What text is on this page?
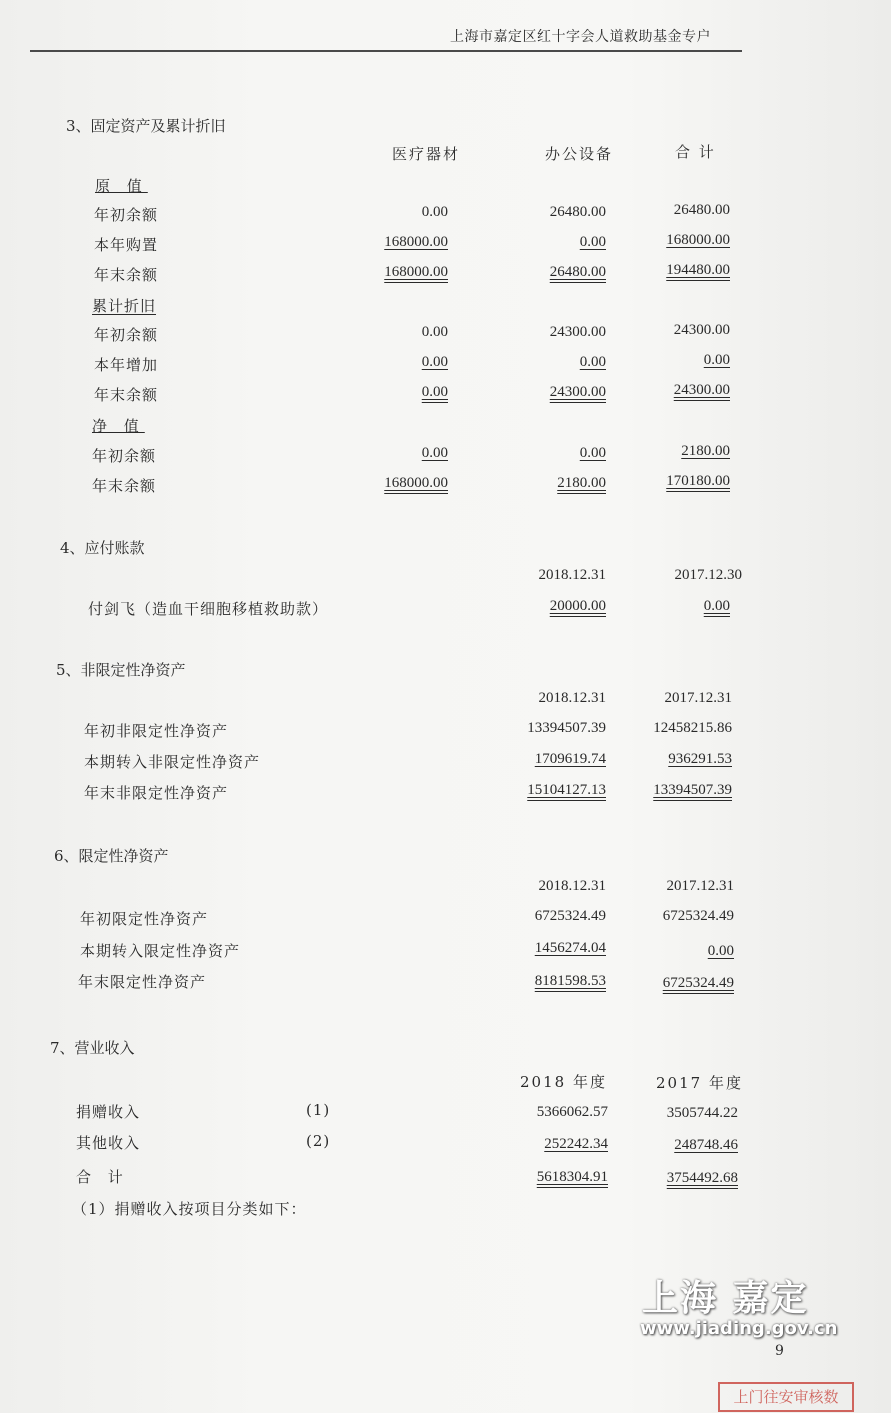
上海市嘉定区红十字会人道救助基金专户
3、固定资产及累计折旧
医疗器材	办公设备	合 计
原 值
年初余额	0.00	26480.00	26480.00
本年购置	168000.00	0.00	168000.00
年末余额	168000.00	26480.00	194480.00
累计折旧
年初余额	0.00	24300.00	24300.00
本年增加	0.00	0.00	0.00
年末余额	0.00	24300.00	24300.00
净 值
年初余额	0.00	0.00	2180.00
年末余额	168000.00	2180.00	170180.00
4、应付账款
2018.12.31	2017.12.30
付剑飞（造血干细胞移植救助款）	20000.00	0.00
5、非限定性净资产
2018.12.31	2017.12.31
年初非限定性净资产	13394507.39	12458215.86
本期转入非限定性净资产	1709619.74	936291.53
年末非限定性净资产	15104127.13	13394507.39
6、限定性净资产
2018.12.31	2017.12.31
年初限定性净资产	6725324.49	6725324.49
本期转入限定性净资产	1456274.04	0.00
年末限定性净资产	8181598.53	6725324.49
7、营业收入
2018 年度	2017 年度
捐赠收入	(1)	5366062.57	3505744.22
其他收入	(2)	252242.34	248748.46
合 计	5618304.91	3754492.68
（1）捐赠收入按项目分类如下：
上海 嘉定
www.jiading.gov.cn
9
上门往安审核数
